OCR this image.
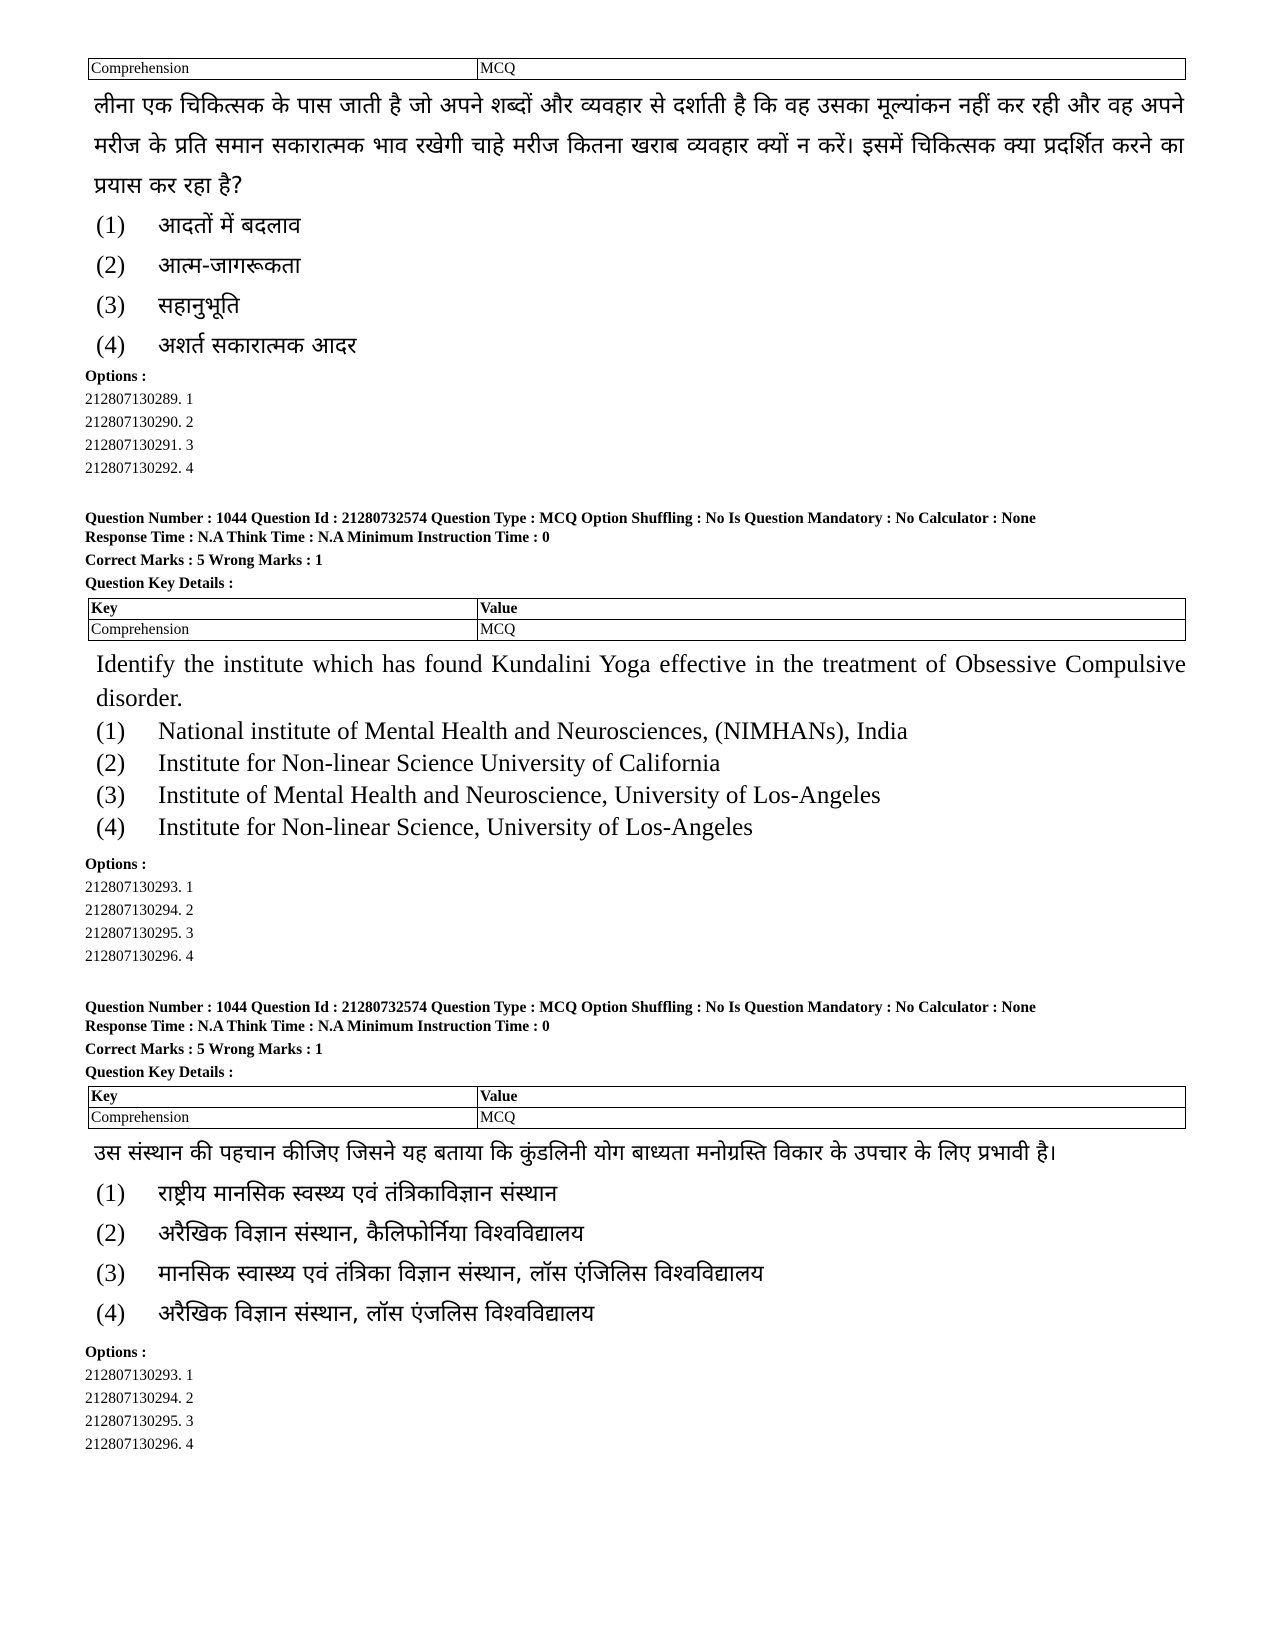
Comprehension	MCQ

लीना एक चिकित्सक के पास जाती है जो अपने शब्दों और व्यवहार से दर्शाती है कि वह उसका मूल्यांकन नहीं कर रही और वह अपने मरीज के प्रति समान सकारात्मक भाव रखेगी चाहे मरीज कितना खराब व्यवहार क्यों न करें। इसमें चिकित्सक क्या प्रदर्शित करने का प्रयास कर रहा है?

(1)	आदतों में बदलाव
(2)	आत्म-जागरूकता
(3)	सहानुभूति
(4)	अशर्त सकारात्मक आदर

Options :

212807130289. 1

212807130290. 2

212807130291. 3

212807130292. 4

Question Number : 1044 Question Id : 21280732574 Question Type : MCQ Option Shuffling : No Is Question Mandatory : No Calculator : None

Response Time : N.A Think Time : N.A Minimum Instruction Time : 0

Correct Marks : 5 Wrong Marks : 1

Question Key Details :

Key	Value
Comprehension	MCQ

Identify the institute which has found Kundalini Yoga effective in the treatment of Obsessive Compulsive disorder.

(1)	National institute of Mental Health and Neurosciences, (NIMHANs), India
(2)	Institute for Non-linear Science University of California
(3)	Institute of Mental Health and Neuroscience, University of Los-Angeles
(4)	Institute for Non-linear Science, University of Los-Angeles

Options :

212807130293. 1

212807130294. 2

212807130295. 3

212807130296. 4

Question Number : 1044 Question Id : 21280732574 Question Type : MCQ Option Shuffling : No Is Question Mandatory : No Calculator : None

Response Time : N.A Think Time : N.A Minimum Instruction Time : 0

Correct Marks : 5 Wrong Marks : 1

Question Key Details :

Key	Value
Comprehension	MCQ

उस संस्थान की पहचान कीजिए जिसने यह बताया कि कुंडलिनी योग बाध्यता मनोग्रस्ति विकार के उपचार के लिए प्रभावी है।

(1)	राष्ट्रीय मानसिक स्वस्थ्य एवं तंत्रिकाविज्ञान संस्थान
(2)	अरैखिक विज्ञान संस्थान, कैलिफोर्निया विश्वविद्यालय
(3)	मानसिक स्वास्थ्य एवं तंत्रिका विज्ञान संस्थान, लॉस एंजिलिस विश्वविद्यालय
(4)	अरैखिक विज्ञान संस्थान, लॉस एंजलिस विश्वविद्यालय

Options :

212807130293. 1

212807130294. 2

212807130295. 3

212807130296. 4
